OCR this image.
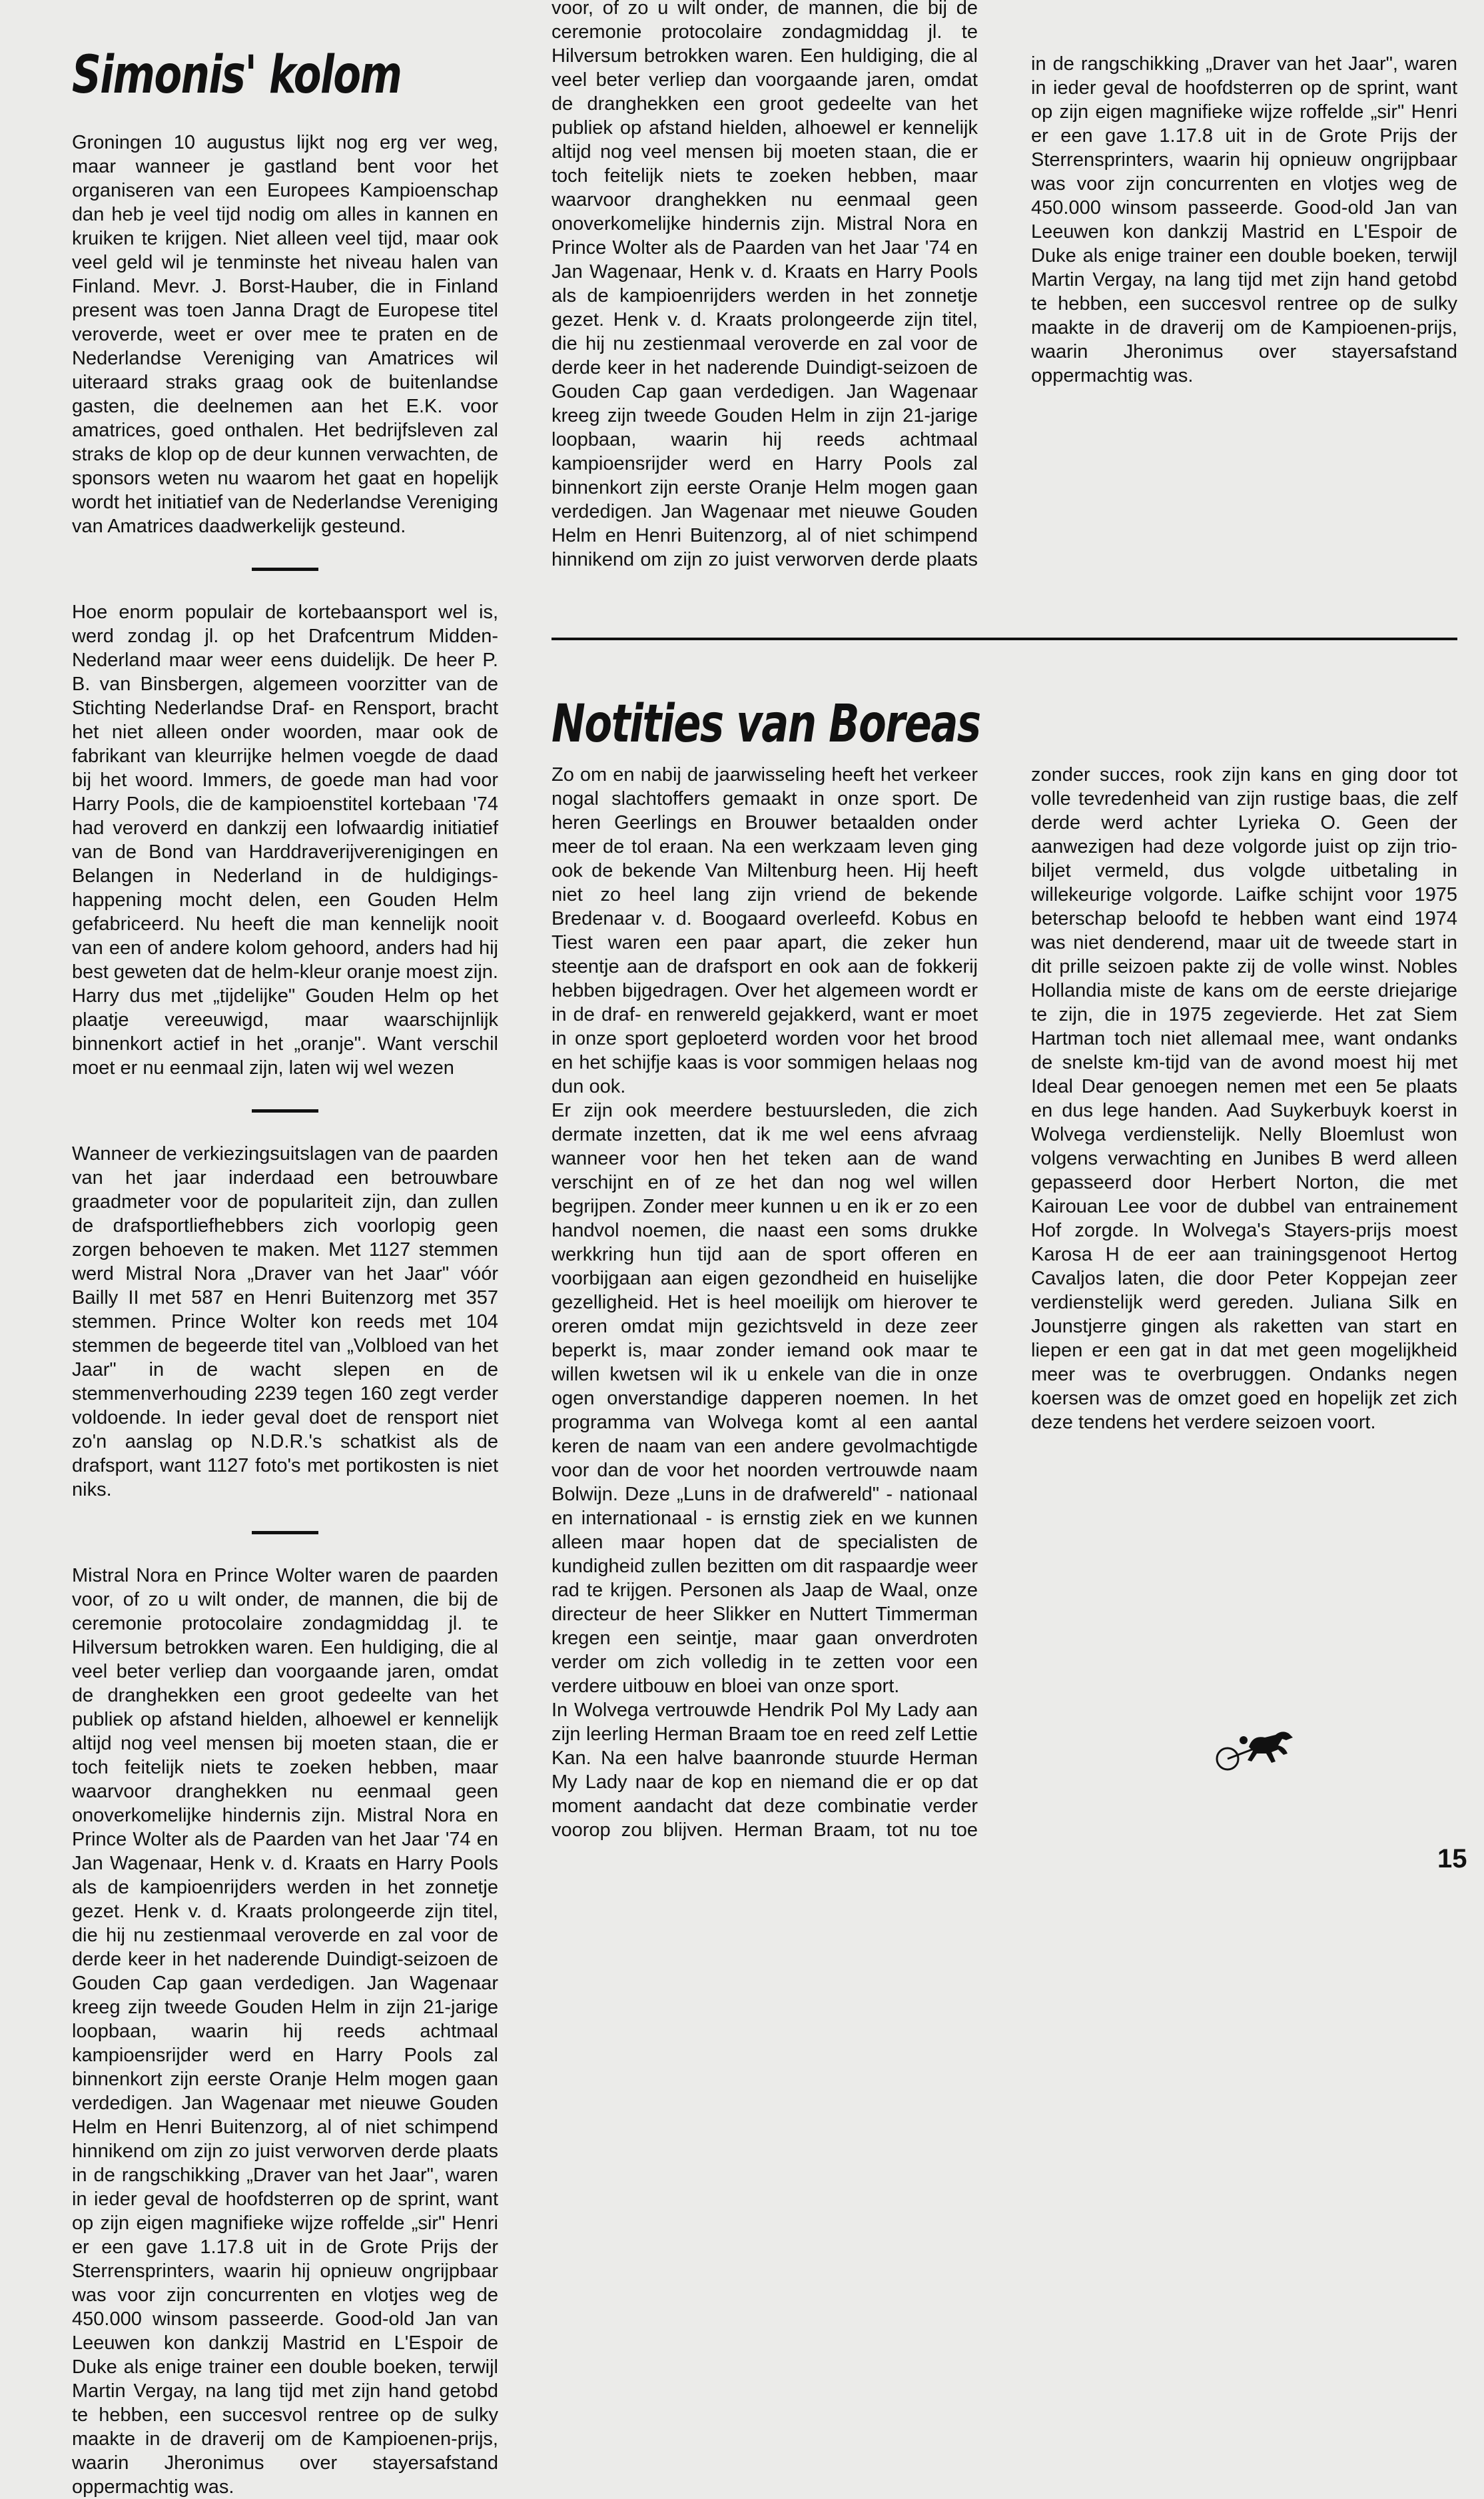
Simonis' kolom

Groningen 10 augustus lijkt nog erg ver weg, maar wanneer je gastland bent voor het organiseren van een Europees Kampioenschap dan heb je veel tijd nodig om alles in kannen en kruiken te krijgen. Niet alleen veel tijd, maar ook veel geld wil je tenminste het niveau halen van Finland. Mevr. J. Borst-Hauber, die in Finland present was toen Janna Dragt de Europese titel veroverde, weet er over mee te praten en de Nederlandse Vereniging van Amatrices wil uiteraard straks graag ook de buitenlandse gasten, die deelnemen aan het E.K. voor amatrices, goed onthalen. Het bedrijfsleven zal straks de klop op de deur kunnen verwachten, de sponsors weten nu waarom het gaat en hopelijk wordt het initiatief van de Nederlandse Vereniging van Amatrices daadwerkelijk gesteund.

Hoe enorm populair de kortebaansport wel is, werd zondag jl. op het Drafcentrum Midden-Nederland maar weer eens duidelijk. De heer P. B. van Binsbergen, algemeen voorzitter van de Stichting Nederlandse Draf- en Rensport, bracht het niet alleen onder woorden, maar ook de fabrikant van kleurrijke helmen voegde de daad bij het woord. Immers, de goede man had voor Harry Pools, die de kampioenstitel kortebaan '74 had veroverd en dankzij een lofwaardig initiatief van de Bond van Harddraverijverenigingen en Belangen in Nederland in de huldigings-happening mocht delen, een Gouden Helm gefabriceerd. Nu heeft die man kennelijk nooit van een of andere kolom gehoord, anders had hij best geweten dat de helm-kleur oranje moest zijn. Harry dus met „tijdelijke" Gouden Helm op het plaatje vereeuwigd, maar waarschijnlijk binnenkort actief in het „oranje". Want verschil moet er nu eenmaal zijn, laten wij wel wezen

Wanneer de verkiezingsuitslagen van de paarden van het jaar inderdaad een betrouwbare graadmeter voor de populariteit zijn, dan zullen de drafsportliefhebbers zich voorlopig geen zorgen behoeven te maken. Met 1127 stemmen werd Mistral Nora „Draver van het Jaar" vóór Bailly II met 587 en Henri Buitenzorg met 357 stemmen. Prince Wolter kon reeds met 104 stemmen de begeerde titel van „Volbloed van het Jaar" in de wacht slepen en de stemmenverhouding 2239 tegen 160 zegt verder voldoende. In ieder geval doet de rensport niet zo'n aanslag op N.D.R.'s schatkist als de drafsport, want 1127 foto's met portikosten is niet niks.

Mistral Nora en Prince Wolter waren de paarden voor, of zo u wilt onder, de mannen, die bij de ceremonie protocolaire zondagmiddag jl. te Hilversum betrokken waren. Een huldiging, die al veel beter verliep dan voorgaande jaren, omdat de dranghekken een groot gedeelte van het publiek op afstand hielden, alhoewel er kennelijk altijd nog veel mensen bij moeten staan, die er toch feitelijk niets te zoeken hebben, maar waarvoor dranghekken nu eenmaal geen onoverkomelijke hindernis zijn. Mistral Nora en Prince Wolter als de Paarden van het Jaar '74 en Jan Wagenaar, Henk v. d. Kraats en Harry Pools als de kampioenrijders werden in het zonnetje gezet. Henk v. d. Kraats prolongeerde zijn titel, die hij nu zestienmaal veroverde en zal voor de derde keer in het naderende Duindigt-seizoen de Gouden Cap gaan verdedigen. Jan Wagenaar kreeg zijn tweede Gouden Helm in zijn 21-jarige loopbaan, waarin hij reeds achtmaal kampioensrijder werd en Harry Pools zal binnenkort zijn eerste Oranje Helm mogen gaan verdedigen. Jan Wagenaar met nieuwe Gouden Helm en Henri Buitenzorg, al of niet schimpend hinnikend om zijn zo juist verworven derde plaats in de rangschikking „Draver van het Jaar", waren in ieder geval de hoofdsterren op de sprint, want op zijn eigen magnifieke wijze roffelde „sir" Henri er een gave 1.17.8 uit in de Grote Prijs der Sterrensprinters, waarin hij opnieuw ongrijpbaar was voor zijn concurrenten en vlotjes weg de 450.000 winsom passeerde. Good-old Jan van Leeuwen kon dankzij Mastrid en L'Espoir de Duke als enige trainer een double boeken, terwijl Martin Vergay, na lang tijd met zijn hand getobd te hebben, een succesvol rentree op de sulky maakte in de draverij om de Kampioenen-prijs, waarin Jheronimus over stayersafstand oppermachtig was.

voor, of zo u wilt onder, de mannen, die bij de ceremonie protocolaire zondagmiddag jl. te Hilversum betrokken waren. Een huldiging, die al veel beter verliep dan voorgaande jaren, omdat de dranghekken een groot gedeelte van het publiek op afstand hielden, alhoewel er kennelijk altijd nog veel mensen bij moeten staan, die er toch feitelijk niets te zoeken hebben, maar waarvoor dranghekken nu eenmaal geen onoverkomelijke hindernis zijn. Mistral Nora en Prince Wolter als de Paarden van het Jaar '74 en Jan Wagenaar, Henk v. d. Kraats en Harry Pools als de kampioenrijders werden in het zonnetje gezet. Henk v. d. Kraats prolongeerde zijn titel, die hij nu zestienmaal veroverde en zal voor de derde keer in het naderende Duindigt-seizoen de Gouden Cap gaan verdedigen. Jan Wagenaar kreeg zijn tweede Gouden Helm in zijn 21-jarige loopbaan, waarin hij reeds achtmaal kampioensrijder werd en Harry Pools zal binnenkort zijn eerste Oranje Helm mogen gaan verdedigen. Jan Wagenaar met nieuwe Gouden Helm en Henri Buitenzorg, al of niet schimpend hinnikend om zijn zo juist verworven derde plaats in de rangschikking „Draver van het Jaar", waren in ieder geval de hoofdsterren op de sprint, want op zijn eigen magnifieke wijze roffelde „sir" Henri er een gave 1.17.8 uit in de Grote Prijs der Sterrensprinters, waarin hij opnieuw ongrijpbaar was voor zijn concurrenten en vlotjes weg de 450.000 winsom passeerde. Good-old Jan van Leeuwen kon dankzij Mastrid en L'Espoir de Duke als enige trainer een double boeken, terwijl Martin Vergay, na lang tijd met zijn hand getobd te hebben, een succesvol rentree op de sulky maakte in de draverij om de Kampioenen-prijs, waarin Jheronimus over stayersafstand oppermachtig was.

Notities van Boreas

Zo om en nabij de jaarwisseling heeft het verkeer nogal slachtoffers gemaakt in onze sport. De heren Geerlings en Brouwer betaalden onder meer de tol eraan. Na een werkzaam leven ging ook de bekende Van Miltenburg heen. Hij heeft niet zo heel lang zijn vriend de bekende Bredenaar v. d. Boogaard overleefd. Kobus en Tiest waren een paar apart, die zeker hun steentje aan de drafsport en ook aan de fokkerij hebben bijgedragen. Over het algemeen wordt er in de draf- en renwereld gejakkerd, want er moet in onze sport geploeterd worden voor het brood en het schijfje kaas is voor sommigen helaas nog dun ook.

Er zijn ook meerdere bestuursleden, die zich dermate inzetten, dat ik me wel eens afvraag wanneer voor hen het teken aan de wand verschijnt en of ze het dan nog wel willen begrijpen. Zonder meer kunnen u en ik er zo een handvol noemen, die naast een soms drukke werkkring hun tijd aan de sport offeren en voorbijgaan aan eigen gezondheid en huiselijke gezelligheid. Het is heel moeilijk om hierover te oreren omdat mijn gezichtsveld in deze zeer beperkt is, maar zonder iemand ook maar te willen kwetsen wil ik u enkele van die in onze ogen onverstandige dapperen noemen. In het programma van Wolvega komt al een aantal keren de naam van een andere gevolmachtigde voor dan de voor het noorden vertrouwde naam Bolwijn. Deze „Luns in de drafwereld" - nationaal en internationaal - is ernstig ziek en we kunnen alleen maar hopen dat de specialisten de kundigheid zullen bezitten om dit raspaardje weer rad te krijgen. Personen als Jaap de Waal, onze directeur de heer Slikker en Nuttert Timmerman kregen een seintje, maar gaan onverdroten verder om zich volledig in te zetten voor een verdere uitbouw en bloei van onze sport.

In Wolvega vertrouwde Hendrik Pol My Lady aan zijn leerling Herman Braam toe en reed zelf Lettie Kan. Na een halve baanronde stuurde Herman My Lady naar de kop en niemand die er op dat moment aandacht dat deze combinatie verder voorop zou blijven. Herman Braam, tot nu toe zonder succes, rook zijn kans en ging door tot volle tevredenheid van zijn rustige baas, die zelf derde werd achter Lyrieka O. Geen der aanwezigen had deze volgorde juist op zijn trio-biljet vermeld, dus volgde uitbetaling in willekeurige volgorde. Laifke schijnt voor 1975 beterschap beloofd te hebben want eind 1974 was niet denderend, maar uit de tweede start in dit prille seizoen pakte zij de volle winst. Nobles Hollandia miste de kans om de eerste driejarige te zijn, die in 1975 zegevierde. Het zat Siem Hartman toch niet allemaal mee, want ondanks de snelste km-tijd van de avond moest hij met Ideal Dear genoegen nemen met een 5e plaats en dus lege handen. Aad Suykerbuyk koerst in Wolvega verdienstelijk. Nelly Bloemlust won volgens verwachting en Junibes B werd alleen gepasseerd door Herbert Norton, die met Kairouan Lee voor de dubbel van entrainement Hof zorgde. In Wolvega's Stayers-prijs moest Karosa H de eer aan trainingsgenoot Hertog Cavaljos laten, die door Peter Koppejan zeer verdienstelijk werd gereden. Juliana Silk en Jounstjerre gingen als raketten van start en liepen er een gat in dat met geen mogelijkheid meer was te overbruggen. Ondanks negen koersen was de omzet goed en hopelijk zet zich deze tendens het verdere seizoen voort.

15
